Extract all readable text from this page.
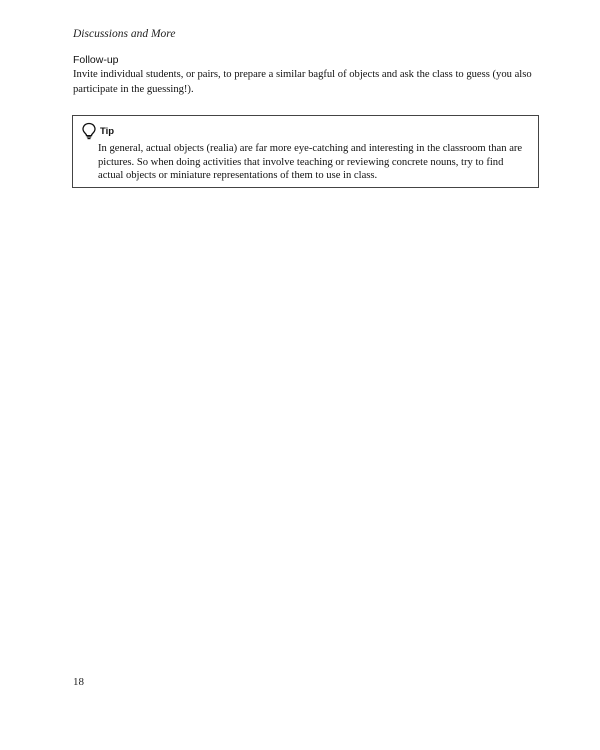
Discussions and More
Follow-up
Invite individual students, or pairs, to prepare a similar bagful of objects and ask the class to guess (you also participate in the guessing!).
Tip
In general, actual objects (realia) are far more eye-catching and interesting in the classroom than are pictures. So when doing activities that involve teaching or reviewing concrete nouns, try to find actual objects or miniature representations of them to use in class.
18
